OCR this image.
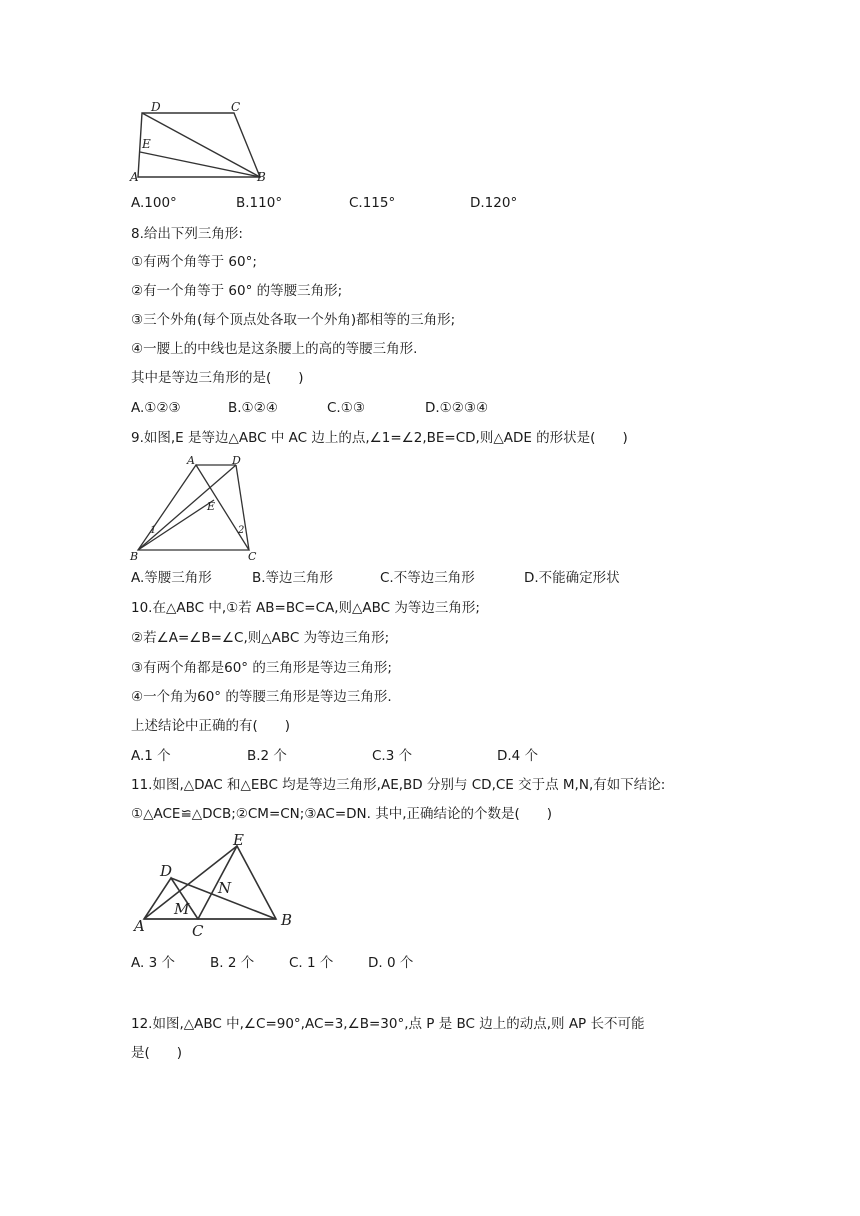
D	C
E
A	B
A.100°	B.110°	C.115°	D.120°
8.给出下列三角形:
①有两个角等于 60°;
②有一个角等于 60° 的等腰三角形;
③三个外角(每个顶点处各取一个外角)都相等的三角形;
④一腰上的中线也是这条腰上的高的等腰三角形.
其中是等边三角形的是(　　)
A.①②③	B.①②④	C.①③	D.①②③④
9.如图,E 是等边△ABC 中 AC 边上的点,∠1=∠2,BE=CD,则△ADE 的形状是(　　)
A	D
E
1	2
B	C
A.等腰三角形	B.等边三角形	C.不等边三角形	D.不能确定形状
10.在△ABC 中,①若 AB=BC=CA,则△ABC 为等边三角形;
②若∠A=∠B=∠C,则△ABC 为等边三角形;
③有两个角都是60° 的三角形是等边三角形;
④一个角为60° 的等腰三角形是等边三角形.
上述结论中正确的有(　　)
A.1 个	B.2 个	C.3 个	D.4 个
11.如图,△DAC 和△EBC 均是等边三角形,AE,BD 分别与 CD,CE 交于点 M,N,有如下结论:
①△ACE≌△DCB;②CM=CN;③AC=DN. 其中,正确结论的个数是(　　)
E
D
N
M
A	C
B
A. 3 个	B. 2 个	C. 1 个	D. 0 个
12.如图,△ABC 中,∠C=90°,AC=3,∠B=30°,点 P 是 BC 边上的动点,则 AP 长不可能
是(　　)
